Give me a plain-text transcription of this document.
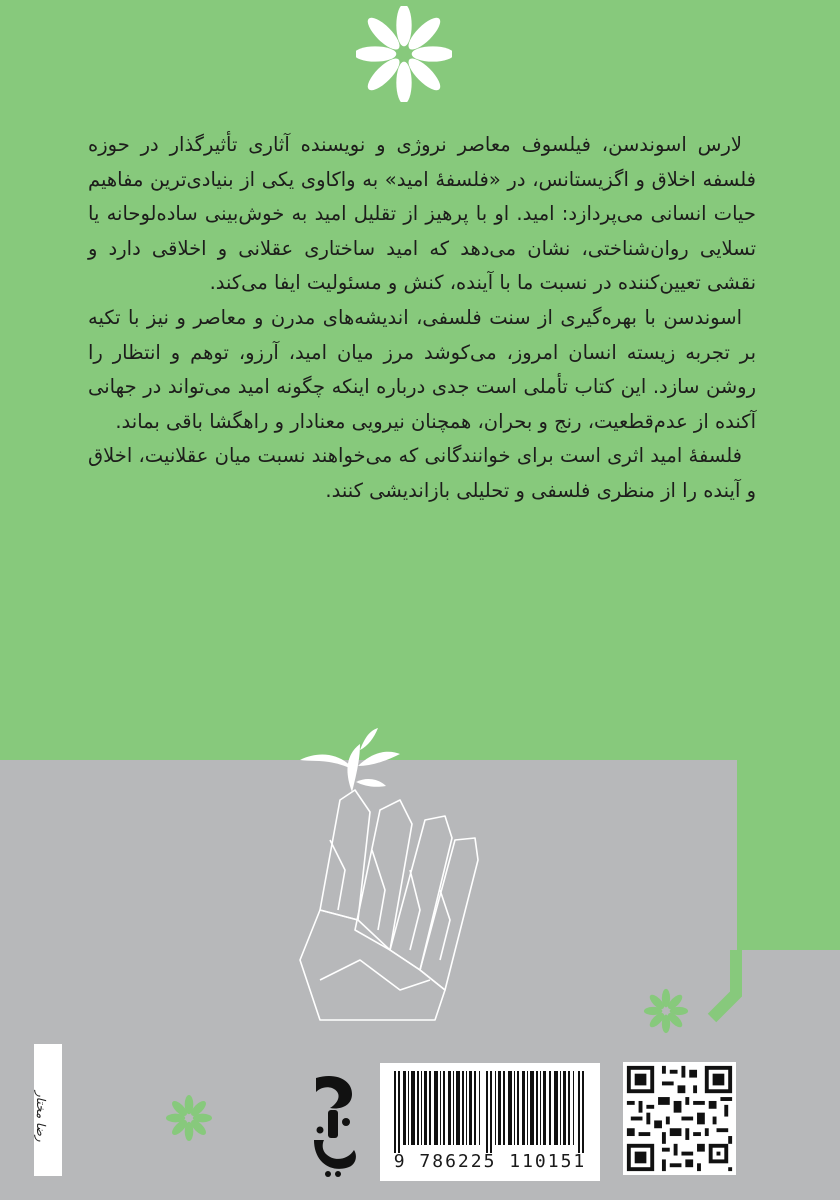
لارس اسوندسن، فیلسوف معاصر نروژی و نویسنده آثاری تأثیرگذار در حوزه فلسفه اخلاق و اگزیستانس، در «فلسفهٔ امید» به واکاوی یکی از بنیادی‌ترین مفاهیم حیات انسانی می‌پردازد: امید. او با پرهیز از تقلیل امید به خوش‌بینی ساده‌لوحانه یا تسلایی روان‌شناختی، نشان می‌دهد که امید ساختاری عقلانی و اخلاقی دارد و نقشی تعیین‌کننده در نسبت ما با آینده، کنش و مسئولیت ایفا می‌کند.

اسوندسن با بهره‌گیری از سنت فلسفی، اندیشه‌های مدرن و معاصر و نیز با تکیه بر تجربه زیسته انسان امروز، می‌کوشد مرز میان امید، آرزو، توهم و انتظار را روشن سازد. این کتاب تأملی است جدی درباره اینکه چگونه امید می‌تواند در جهانی آکنده از عدم‌قطعیت، رنج و بحران، همچنان نیرویی معنادار و راهگشا باقی بماند.

فلسفهٔ امید اثری است برای خوانندگانی که می‌خواهند نسبت میان عقلانیت، اخلاق و آینده را از منظری فلسفی و تحلیلی بازاندیشی کنند.

رضا مختار
9 786225 110151
